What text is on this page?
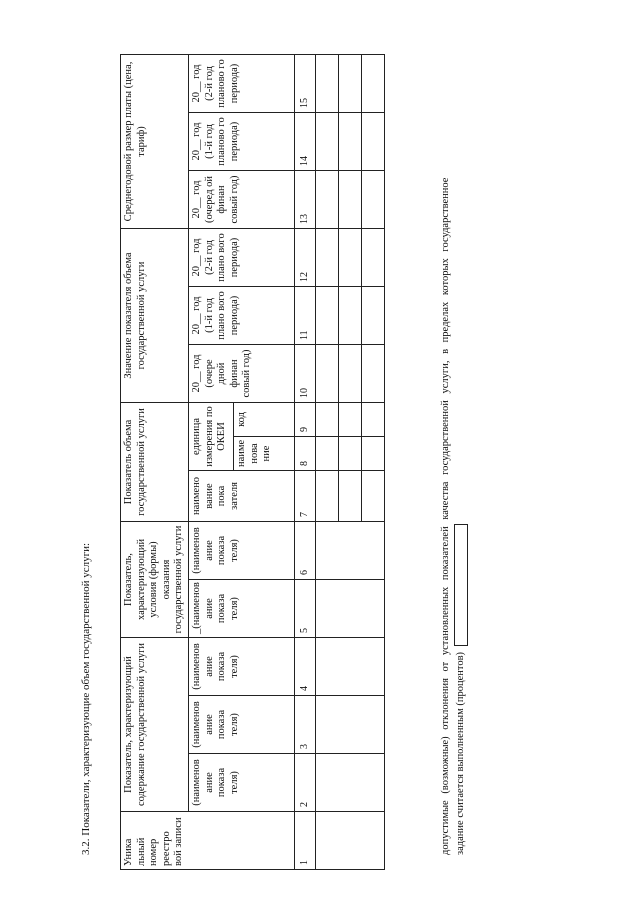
3.2. Показатели, характеризующие объем государственной услуги:	Уника льный номер реестро вой записи	Показатель, характеризующий содержание государственной услуги			Показатель, характеризующий условия (формы) оказания государственной услуги		Показатель объема государственной услуги			Значение показателя объема государственной услуги			Среднегодовой размер платы (цена, тариф)		
	(наименов ание показа теля)	(наименов ание показа теля)	(наименов ание показа теля)	_(наименов ание показа теля)	(наименов ание показа теля)	наимено вание пока зателя	единица измерения по ОКЕИ		20__ год (очере дной финан совый год)	20__ год (1-й год плано вого периода)	20__ год (2-й год плано вого периода)	20__ год (очеред ой финан совый год)	20__ год (1-й год планово го периода)	20__ год (2-й год планово го периода)
							наиме нова ние	код						
1	2	3	4	5	6	7	8	9	10	11	12	13	14	15

допустимые (возможные) отклонения от установленных показателей качества государственной услуги, в пределах которых государственное задание считается выполненным (процентов)
